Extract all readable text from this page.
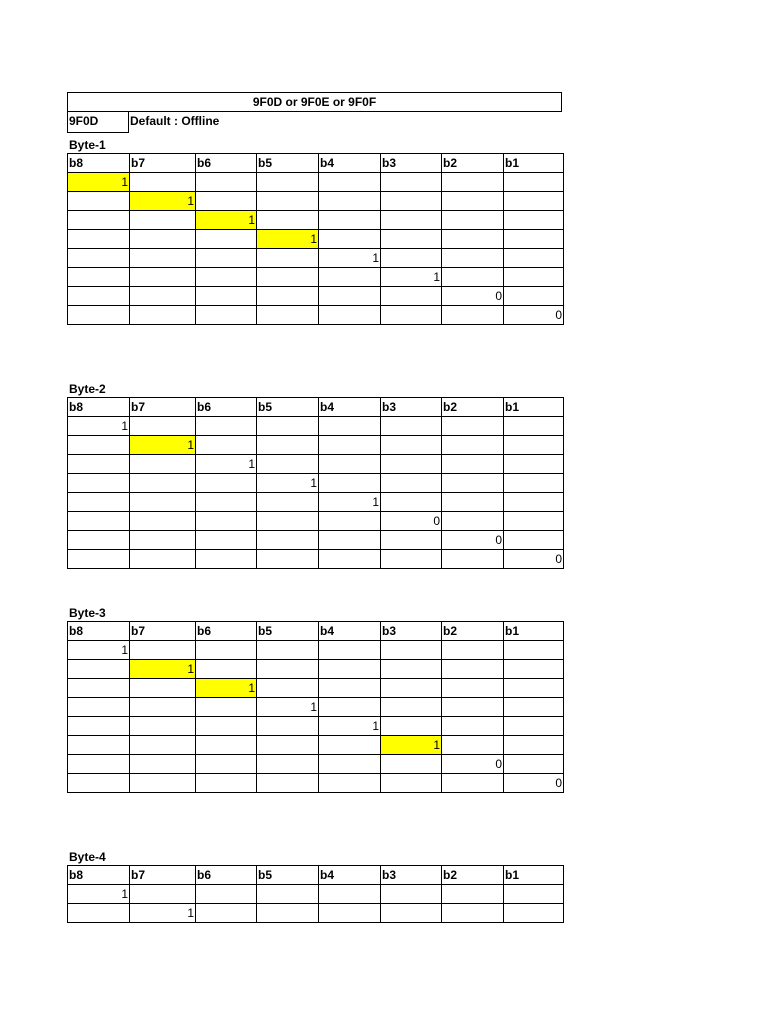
9F0D or 9F0E or 9F0F
9F0D	Default : Offline
Byte-1
b8	b7	b6	b5	b4	b3	b2	b1
1							
	1						
		1					
			1				
				1			
					1		
						0	
							0
Byte-2
b8	b7	b6	b5	b4	b3	b2	b1
1							
	1						
		1					
			1				
				1			
					0		
						0	
							0
Byte-3
b8	b7	b6	b5	b4	b3	b2	b1
1							
	1						
		1					
			1				
				1			
					1		
						0	
							0
Byte-4
b8	b7	b6	b5	b4	b3	b2	b1
1							
	1						
